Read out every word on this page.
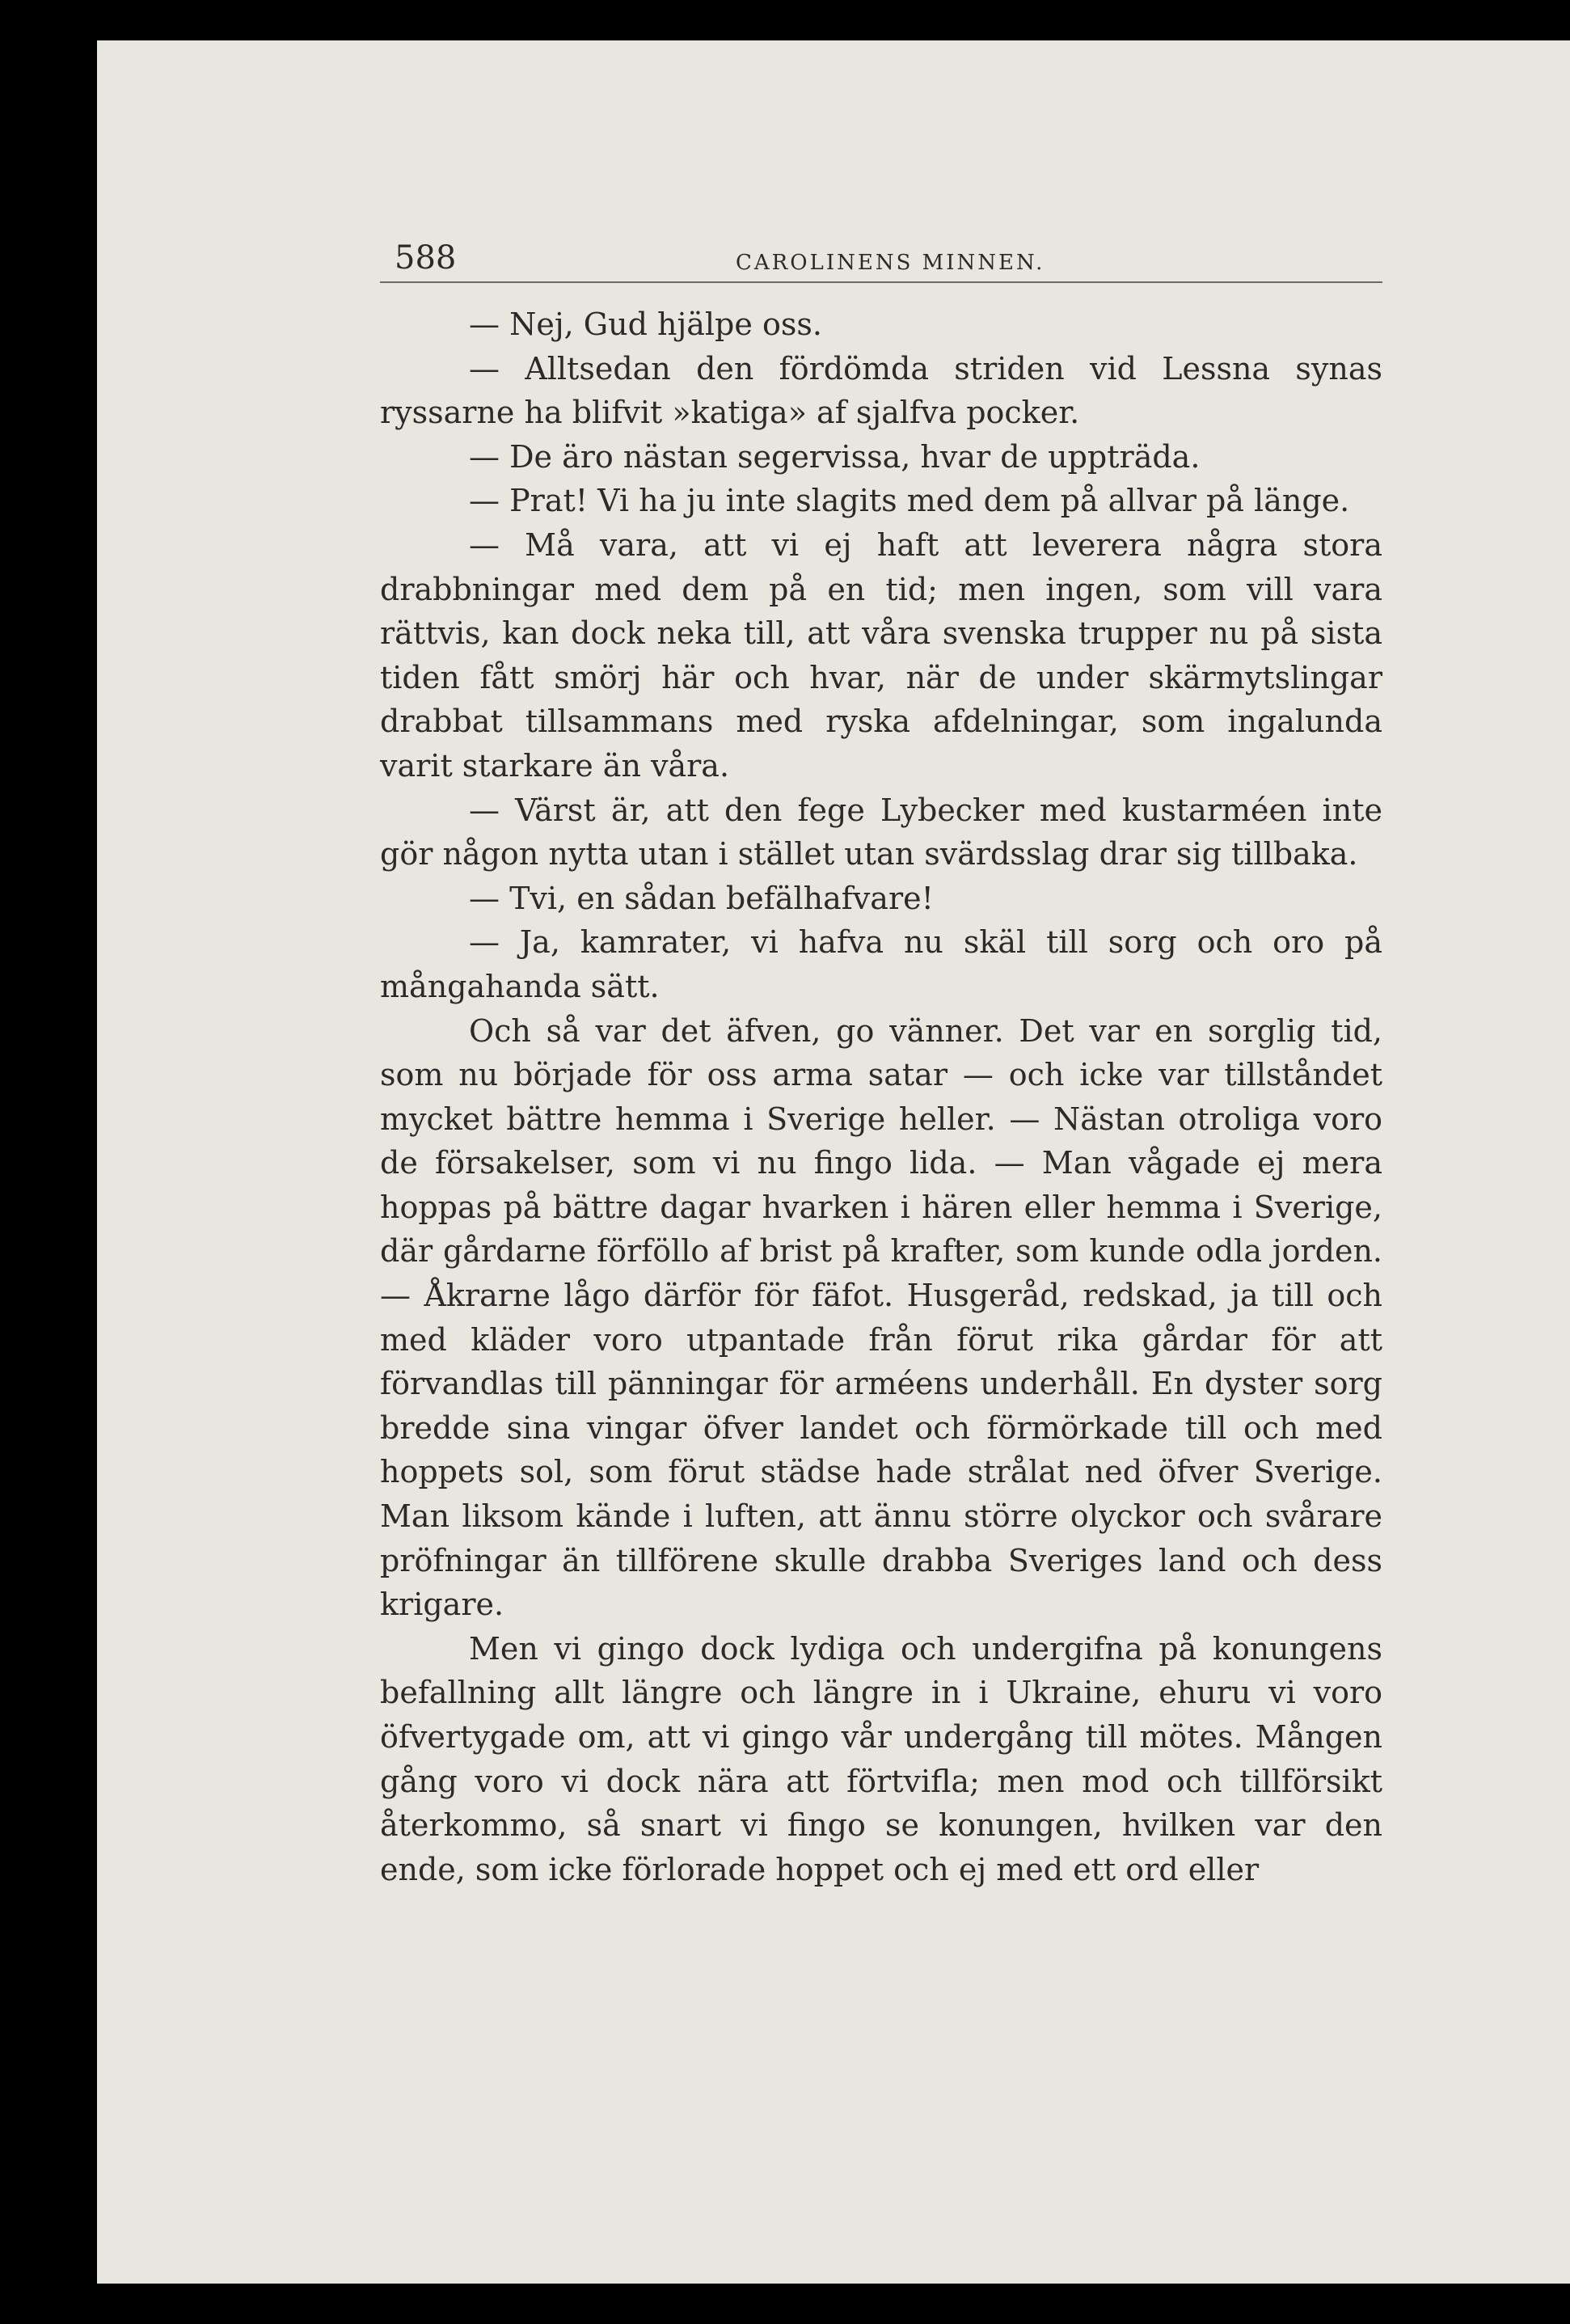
588	CAROLINENS MINNEN.

— Nej, Gud hjälpe oss.

— Alltsedan den fördömda striden vid Lessna synas ryssarne ha blifvit »katiga» af sjalfva pocker.

— De äro nästan segervissa, hvar de uppträda.

— Prat! Vi ha ju inte slagits med dem på allvar på länge.

— Må vara, att vi ej haft att leverera några stora drabbningar med dem på en tid; men ingen, som vill vara rättvis, kan dock neka till, att våra svenska trupper nu på sista tiden fått smörj här och hvar, när de under skärmytslingar drabbat tillsammans med ryska afdelningar, som ingalunda varit starkare än våra.

— Värst är, att den fege Lybecker med kustarméen inte gör någon nytta utan i stället utan svärdsslag drar sig tillbaka.

— Tvi, en sådan befälhafvare!

— Ja, kamrater, vi hafva nu skäl till sorg och oro på mångahanda sätt.

Och så var det äfven, go vänner. Det var en sorglig tid, som nu började för oss arma satar — och icke var tillståndet mycket bättre hemma i Sverige heller. — Nästan otroliga voro de försakelser, som vi nu fingo lida. — Man vågade ej mera hoppas på bättre dagar hvarken i hären eller hemma i Sverige, där gårdarne förföllo af brist på krafter, som kunde odla jorden. — Åkrarne lågo därför för fäfot. Husgeråd, redskad, ja till och med kläder voro utpantade från förut rika gårdar för att förvandlas till pänningar för arméens underhåll. En dyster sorg bredde sina vingar öfver landet och förmörkade till och med hoppets sol, som förut städse hade strålat ned öfver Sverige. Man liksom kände i luften, att ännu större olyckor och svårare pröfningar än tillförene skulle drabba Sveriges land och dess krigare.

Men vi gingo dock lydiga och undergifna på konungens befallning allt längre och längre in i Ukraine, ehuru vi voro öfvertygade om, att vi gingo vår undergång till mötes. Mången gång voro vi dock nära att förtvifla; men mod och tillförsikt återkommo, så snart vi fingo se konungen, hvilken var den ende, som icke förlorade hoppet och ej med ett ord eller
